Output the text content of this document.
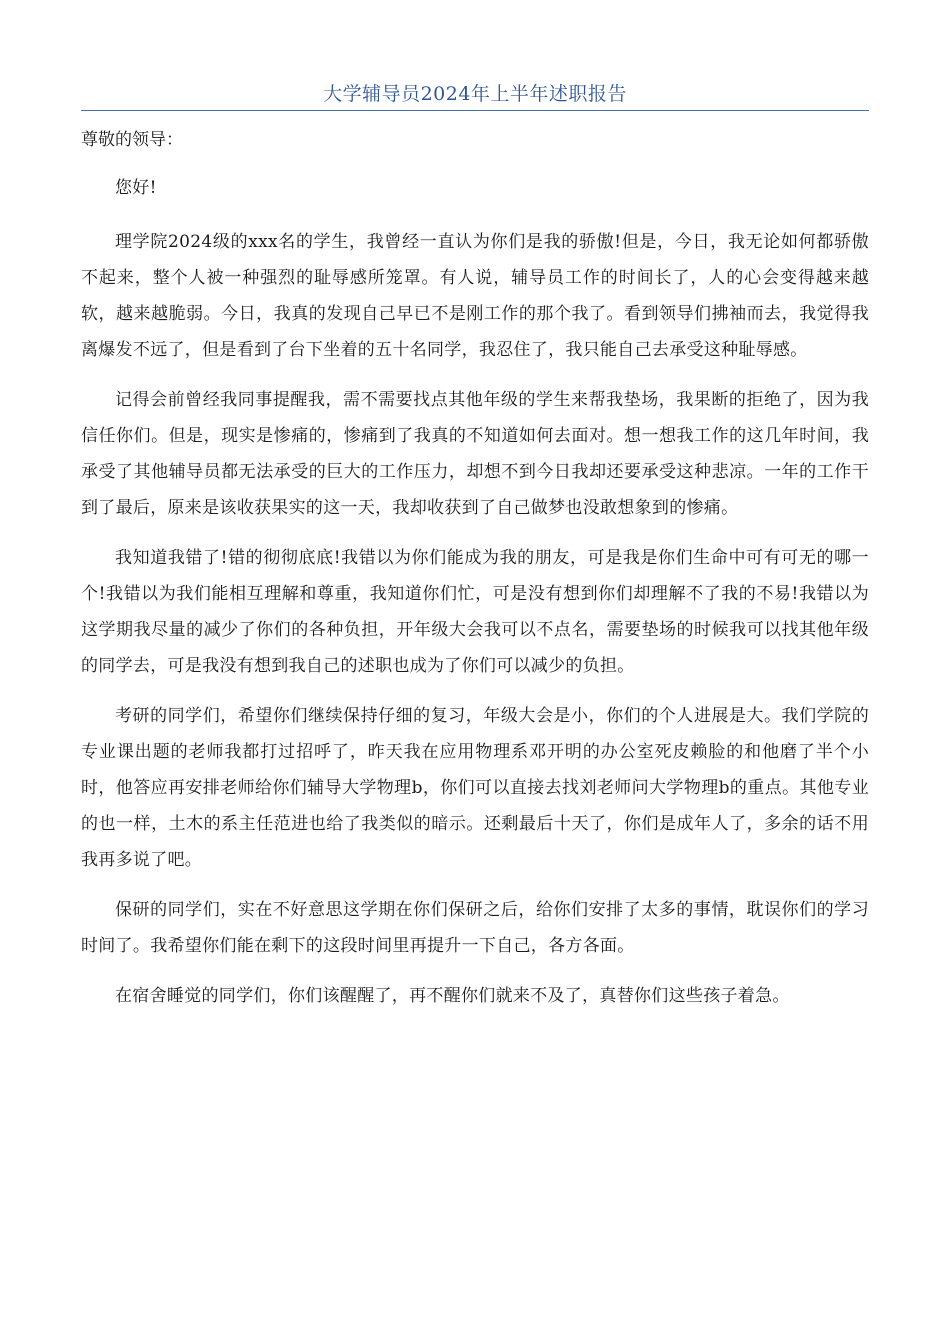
大学辅导员2024年上半年述职报告

尊敬的领导：

您好!

理学院2024级的xxx名的学生，我曾经一直认为你们是我的骄傲!但是，今日，我无论如何都骄傲不起来，整个人被一种强烈的耻辱感所笼罩。有人说，辅导员工作的时间长了，人的心会变得越来越软，越来越脆弱。今日，我真的发现自己早已不是刚工作的那个我了。看到领导们拂袖而去，我觉得我离爆发不远了，但是看到了台下坐着的五十名同学，我忍住了，我只能自己去承受这种耻辱感。

记得会前曾经我同事提醒我，需不需要找点其他年级的学生来帮我垫场，我果断的拒绝了，因为我信任你们。但是，现实是惨痛的，惨痛到了我真的不知道如何去面对。想一想我工作的这几年时间，我承受了其他辅导员都无法承受的巨大的工作压力，却想不到今日我却还要承受这种悲凉。一年的工作干到了最后，原来是该收获果实的这一天，我却收获到了自己做梦也没敢想象到的惨痛。

我知道我错了!错的彻彻底底!我错以为你们能成为我的朋友，可是我是你们生命中可有可无的哪一个!我错以为我们能相互理解和尊重，我知道你们忙，可是没有想到你们却理解不了我的不易!我错以为这学期我尽量的减少了你们的各种负担，开年级大会我可以不点名，需要垫场的时候我可以找其他年级的同学去，可是我没有想到我自己的述职也成为了你们可以减少的负担。

考研的同学们，希望你们继续保持仔细的复习，年级大会是小，你们的个人进展是大。我们学院的专业课出题的老师我都打过招呼了，昨天我在应用物理系邓开明的办公室死皮赖脸的和他磨了半个小时，他答应再安排老师给你们辅导大学物理b，你们可以直接去找刘老师问大学物理b的重点。其他专业的也一样，土木的系主任范进也给了我类似的暗示。还剩最后十天了，你们是成年人了，多余的话不用我再多说了吧。

保研的同学们，实在不好意思这学期在你们保研之后，给你们安排了太多的事情，耽误你们的学习时间了。我希望你们能在剩下的这段时间里再提升一下自己，各方各面。

在宿舍睡觉的同学们，你们该醒醒了，再不醒你们就来不及了，真替你们这些孩子着急。
